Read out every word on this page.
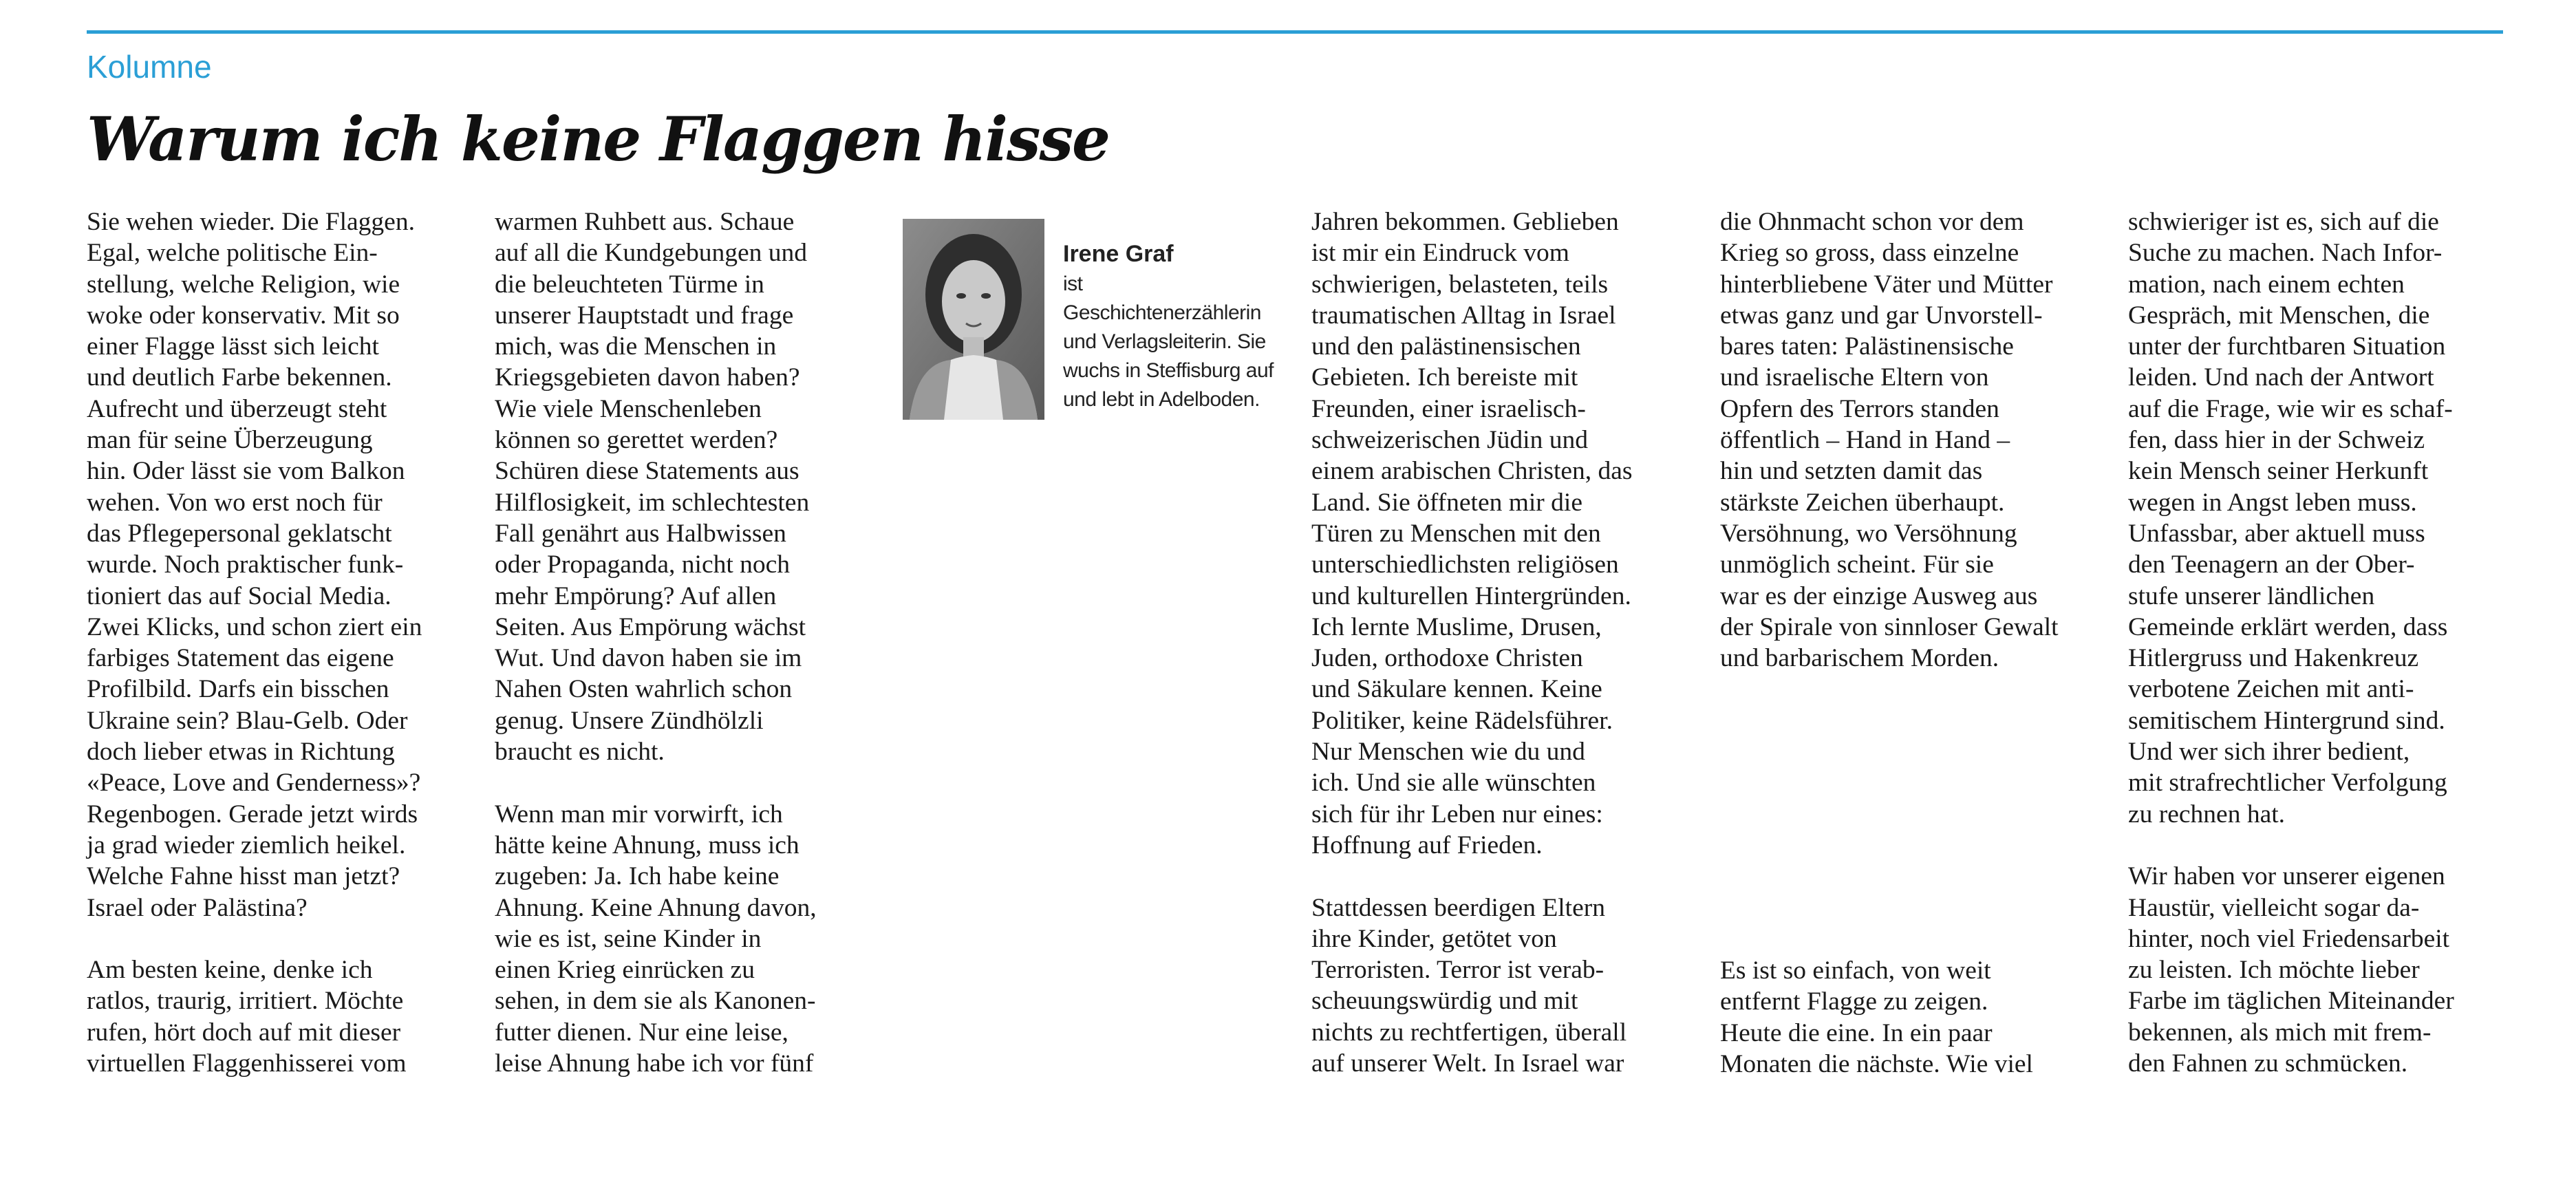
Kolumne
Warum ich keine Flaggen hisse

Sie wehen wieder. Die Flaggen.
Egal, welche politische Ein-
stellung, welche Religion, wie
woke oder konservativ. Mit so
einer Flagge lässt sich leicht
und deutlich Farbe bekennen.
Aufrecht und überzeugt steht
man für seine Überzeugung
hin. Oder lässt sie vom Balkon
wehen. Von wo erst noch für
das Pflegepersonal geklatscht
wurde. Noch praktischer funk-
tioniert das auf Social Media.
Zwei Klicks, und schon ziert ein
farbiges Statement das eigene
Profilbild. Darfs ein bisschen
Ukraine sein? Blau-Gelb. Oder
doch lieber etwas in Richtung
«Peace, Love and Genderness»?
Regenbogen. Gerade jetzt wirds
ja grad wieder ziemlich heikel.
Welche Fahne hisst man jetzt?
Israel oder Palästina?

Am besten keine, denke ich
ratlos, traurig, irritiert. Möchte
rufen, hört doch auf mit dieser
virtuellen Flaggenhisserei vom

warmen Ruhbett aus. Schaue
auf all die Kundgebungen und
die beleuchteten Türme in
unserer Hauptstadt und frage
mich, was die Menschen in
Kriegsgebieten davon haben?
Wie viele Menschenleben
können so gerettet werden?
Schüren diese Statements aus
Hilflosigkeit, im schlechtesten
Fall genährt aus Halbwissen
oder Propaganda, nicht noch
mehr Empörung? Auf allen
Seiten. Aus Empörung wächst
Wut. Und davon haben sie im
Nahen Osten wahrlich schon
genug. Unsere Zündhölzli
braucht es nicht.

Wenn man mir vorwirft, ich
hätte keine Ahnung, muss ich
zugeben: Ja. Ich habe keine
Ahnung. Keine Ahnung davon,
wie es ist, seine Kinder in
einen Krieg einrücken zu
sehen, in dem sie als Kanonen-
futter dienen. Nur eine leise,
leise Ahnung habe ich vor fünf

Irene Graf
ist
Geschichtenerzählerin
und Verlagsleiterin. Sie
wuchs in Steffisburg auf
und lebt in Adelboden.

Jahren bekommen. Geblieben
ist mir ein Eindruck vom
schwierigen, belasteten, teils
traumatischen Alltag in Israel
und den palästinensischen
Gebieten. Ich bereiste mit
Freunden, einer israelisch-
schweizerischen Jüdin und
einem arabischen Christen, das
Land. Sie öffneten mir die
Türen zu Menschen mit den
unterschiedlichsten religiösen
und kulturellen Hintergründen.
Ich lernte Muslime, Drusen,
Juden, orthodoxe Christen
und Säkulare kennen. Keine
Politiker, keine Rädelsführer.
Nur Menschen wie du und
ich. Und sie alle wünschten
sich für ihr Leben nur eines:
Hoffnung auf Frieden.

Stattdessen beerdigen Eltern
ihre Kinder, getötet von
Terroristen. Terror ist verab-
scheuungswürdig und mit
nichts zu rechtfertigen, überall
auf unserer Welt. In Israel war

die Ohnmacht schon vor dem
Krieg so gross, dass einzelne
hinterbliebene Väter und Mütter
etwas ganz und gar Unvorstell-
bares taten: Palästinensische
und israelische Eltern von
Opfern des Terrors standen
öffentlich – Hand in Hand –
hin und setzten damit das
stärkste Zeichen überhaupt.
Versöhnung, wo Versöhnung
unmöglich scheint. Für sie
war es der einzige Ausweg aus
der Spirale von sinnloser Gewalt
und barbarischem Morden.

Es ist so einfach, von weit
entfernt Flagge zu zeigen.
Heute die eine. In ein paar
Monaten die nächste. Wie viel

schwieriger ist es, sich auf die
Suche zu machen. Nach Infor-
mation, nach einem echten
Gespräch, mit Menschen, die
unter der furchtbaren Situation
leiden. Und nach der Antwort
auf die Frage, wie wir es schaf-
fen, dass hier in der Schweiz
kein Mensch seiner Herkunft
wegen in Angst leben muss.
Unfassbar, aber aktuell muss
den Teenagern an der Ober-
stufe unserer ländlichen
Gemeinde erklärt werden, dass
Hitlergruss und Hakenkreuz
verbotene Zeichen mit anti-
semitischem Hintergrund sind.
Und wer sich ihrer bedient,
mit strafrechtlicher Verfolgung
zu rechnen hat.

Wir haben vor unserer eigenen
Haustür, vielleicht sogar da-
hinter, noch viel Friedensarbeit
zu leisten. Ich möchte lieber
Farbe im täglichen Miteinander
bekennen, als mich mit frem-
den Fahnen zu schmücken.
